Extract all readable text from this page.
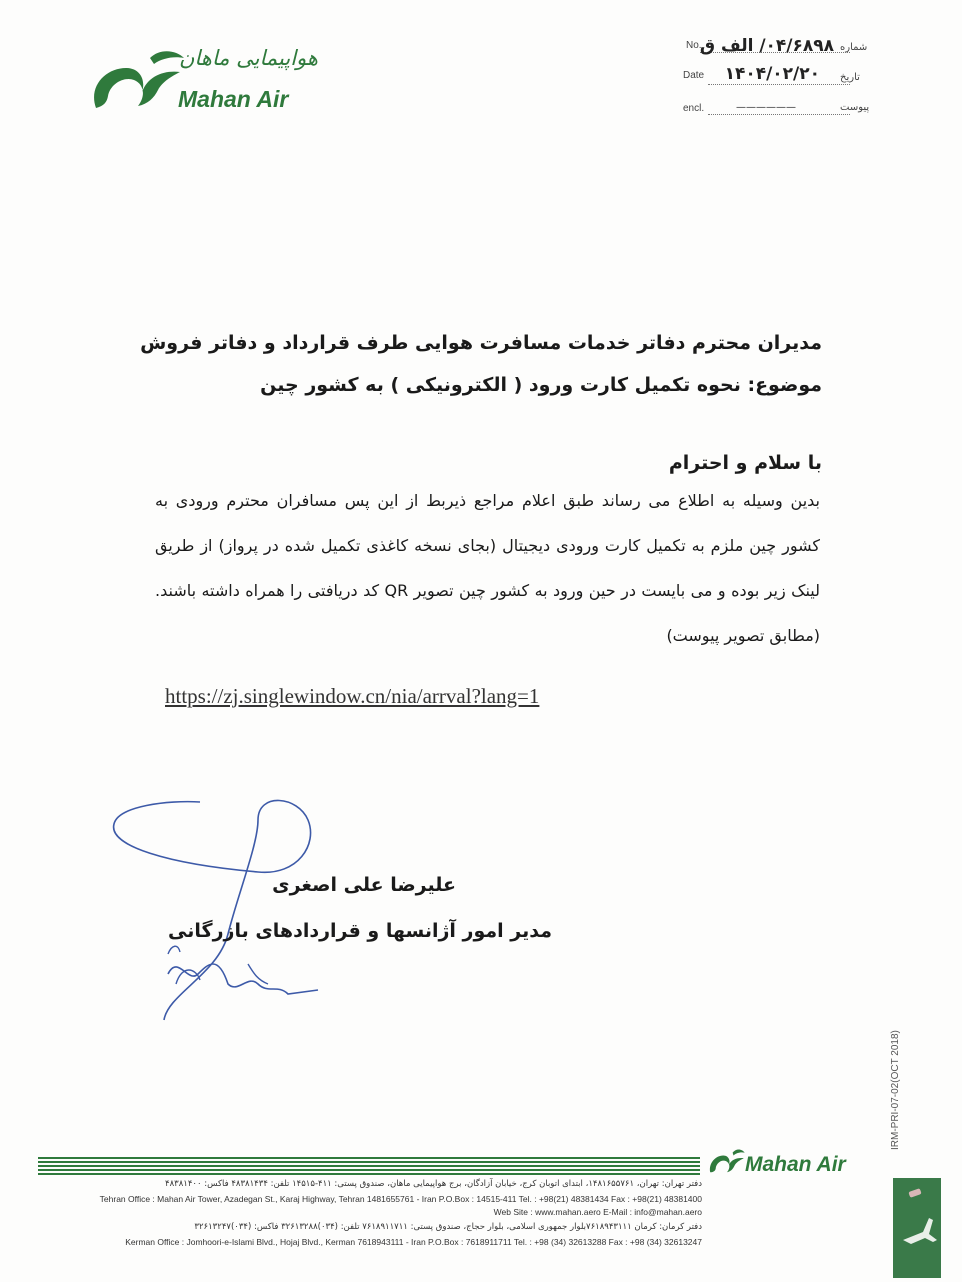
هواپیمایی ماهان
Mahan Air
شماره
No.
۰۴/۶۸۹۸/ الف ق
تاریخ
Date	۱۴۰۴/۰۲/۲۰
پیوست
encl.	——————
مدیران محترم دفاتر خدمات مسافرت هوایی طرف قرارداد و دفاتر فروش
موضوع: نحوه تکمیل کارت ورود ( الکترونیکی ) به کشور چین
با سلام و احترام
بدین وسیله به اطلاع می رساند طبق اعلام مراجع ذیربط از این پس مسافران محترم ورودی به کشور چین ملزم به تکمیل کارت ورودی دیجیتال (بجای نسخه کاغذی تکمیل شده در پرواز) از طریق لینک زیر بوده و می بایست در حین ورود به کشور چین تصویر QR کد دریافتی را همراه داشته باشند.(مطابق تصویر پیوست)
https://zj.singlewindow.cn/nia/arrval?lang=1
علیرضا علی اصغری
مدیر امور آژانسها و قراردادهای بازرگانی
IRM-PRI-07-02(OCT 2018)
Mahan Air
دفتر تهران: تهران، ۱۴۸۱۶۵۵۷۶۱، ابتدای اتوبان کرج، خیابان آزادگان، برج هواپیمایی ماهان، صندوق پستی: ۴۱۱-۱۴۵۱۵ تلفن: ۴۸۳۸۱۴۳۴ فاکس: ۴۸۳۸۱۴۰۰
Tehran Office : Mahan Air Tower, Azadegan St., Karaj Highway, Tehran 1481655761 - Iran P.O.Box : 14515-411 Tel. : +98(21) 48381434 Fax : +98(21) 48381400
Web Site : www.mahan.aero E-Mail : info@mahan.aero
دفتر کرمان: کرمان ۷۶۱۸۹۴۳۱۱۱بلوار جمهوری اسلامی، بلوار حجاج، صندوق پستی: ۷۶۱۸۹۱۱۷۱۱ تلفن: (۰۳۴)۳۲۶۱۳۲۸۸ فاکس: (۰۳۴)۳۲۶۱۳۲۴۷
Kerman Office : Jomhoori-e-Islami Blvd., Hojaj Blvd., Kerman 7618943111 - Iran P.O.Box : 7618911711 Tel. : +98 (34) 32613288 Fax : +98 (34) 32613247
